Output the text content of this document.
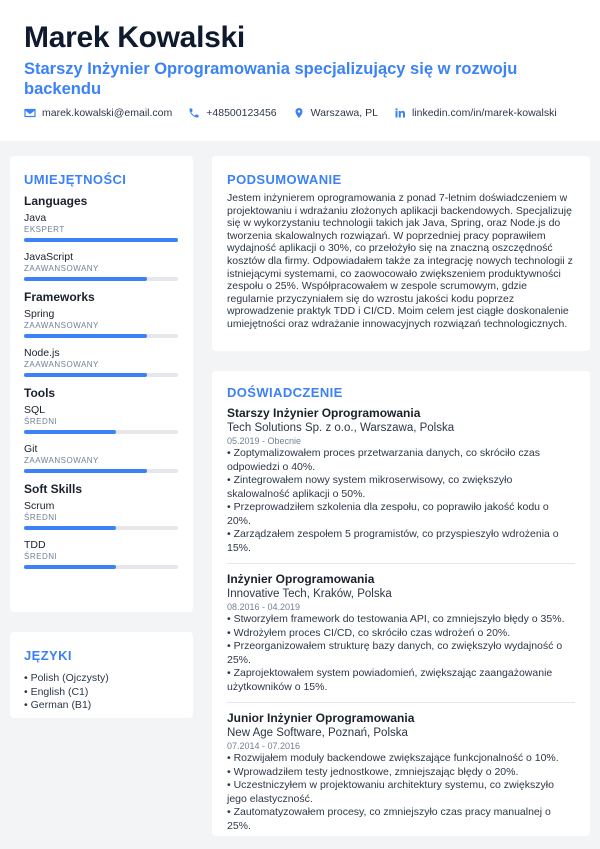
Marek Kowalski
Starszy Inżynier Oprogramowania specjalizujący się w rozwoju backendu
marek.kowalski@email.com	+48500123456	Warszawa, PL	linkedin.com/in/marek-kowalski
UMIEJĘTNOŚCI
Languages
Java
EKSPERT
JavaScript
ZAAWANSOWANY
Frameworks
Spring
ZAAWANSOWANY
Node.js
ZAAWANSOWANY
Tools
SQL
ŚREDNI
Git
ZAAWANSOWANY
Soft Skills
Scrum
ŚREDNI
TDD
ŚREDNI
JĘZYKI
• Polish (Ojczysty)
• English (C1)
• German (B1)
PODSUMOWANIE
Jestem inżynierem oprogramowania z ponad 7-letnim doświadczeniem w projektowaniu i wdrażaniu złożonych aplikacji backendowych. Specjalizuję się w wykorzystaniu technologii takich jak Java, Spring, oraz Node.js do tworzenia skalowalnych rozwiązań. W poprzedniej pracy poprawiłem wydajność aplikacji o 30%, co przełożyło się na znaczną oszczędność kosztów dla firmy. Odpowiadałem także za integrację nowych technologii z istniejącymi systemami, co zaowocowało zwiększeniem produktywności zespołu o 25%. Współpracowałem w zespole scrumowym, gdzie regularnie przyczyniałem się do wzrostu jakości kodu poprzez wprowadzenie praktyk TDD i CI/CD. Moim celem jest ciągłe doskonalenie umiejętności oraz wdrażanie innowacyjnych rozwiązań technologicznych.
DOŚWIADCZENIE
Starszy Inżynier Oprogramowania
Tech Solutions Sp. z o.o., Warszawa, Polska
05.2019 - Obecnie
• Zoptymalizowałem proces przetwarzania danych, co skróciło czas odpowiedzi o 40%.
• Zintegrowałem nowy system mikroserwisowy, co zwiększyło skalowalność aplikacji o 50%.
• Przeprowadziłem szkolenia dla zespołu, co poprawiło jakość kodu o 20%.
• Zarządzałem zespołem 5 programistów, co przyspieszyło wdrożenia o 15%.
Inżynier Oprogramowania
Innovative Tech, Kraków, Polska
08.2016 - 04.2019
• Stworzyłem framework do testowania API, co zmniejszyło błędy o 35%.
• Wdrożyłem proces CI/CD, co skróciło czas wdrożeń o 20%.
• Przeorganizowałem strukturę bazy danych, co zwiększyło wydajność o 25%.
• Zaprojektowałem system powiadomień, zwiększając zaangażowanie użytkowników o 15%.
Junior Inżynier Oprogramowania
New Age Software, Poznań, Polska
07.2014 - 07.2016
• Rozwijałem moduły backendowe zwiększające funkcjonalność o 10%.
• Wprowadziłem testy jednostkowe, zmniejszając błędy o 20%.
• Uczestniczyłem w projektowaniu architektury systemu, co zwiększyło jego elastyczność.
• Zautomatyzowałem procesy, co zmniejszyło czas pracy manualnej o 25%.
